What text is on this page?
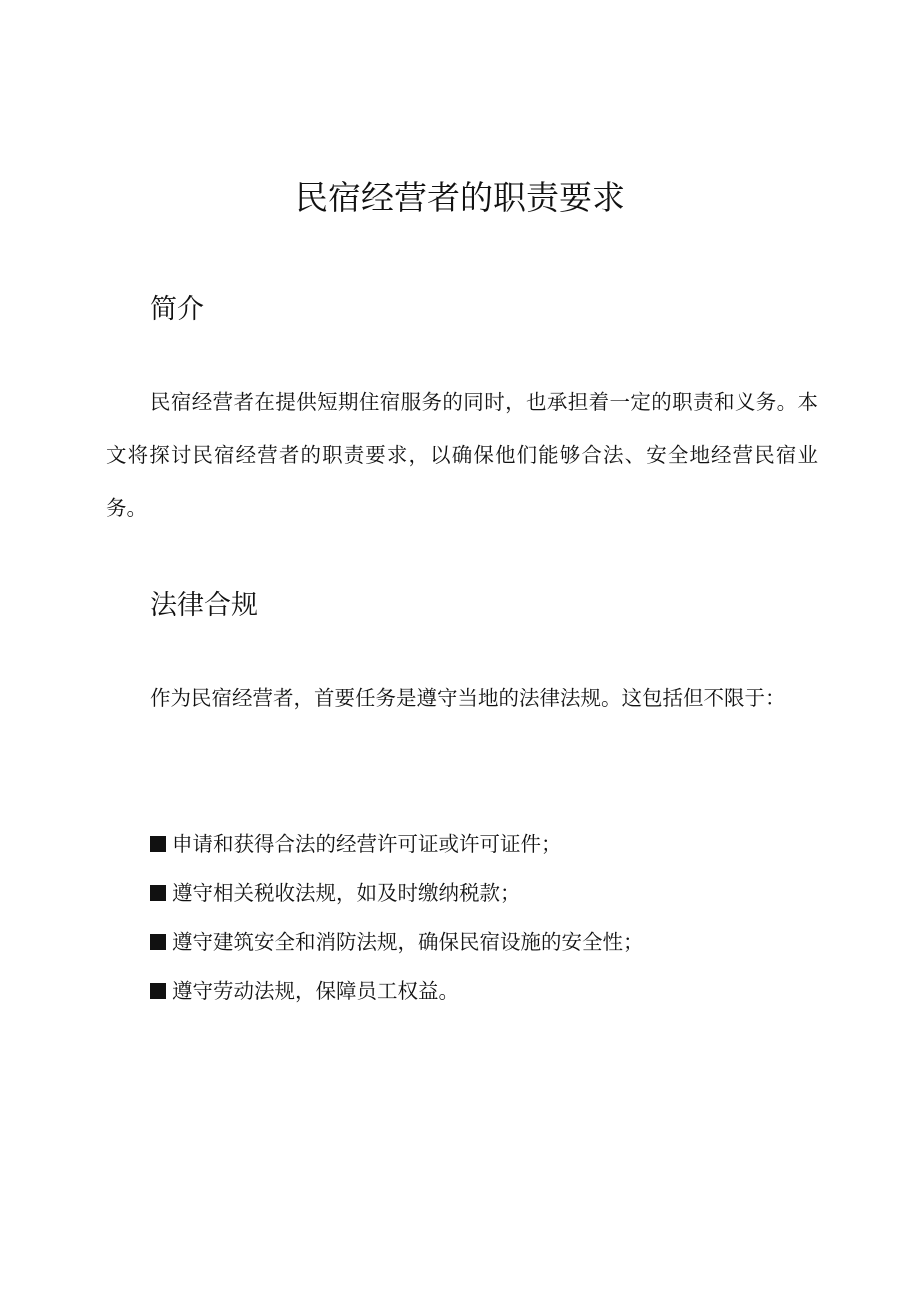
民宿经营者的职责要求
简介

民宿经营者在提供短期住宿服务的同时，也承担着一定的职责和义务。本文将探讨民宿经营者的职责要求，以确保他们能够合法、安全地经营民宿业务。

法律合规

作为民宿经营者，首要任务是遵守当地的法律法规。这包括但不限于：

申请和获得合法的经营许可证或许可证件；
遵守相关税收法规，如及时缴纳税款；
遵守建筑安全和消防法规，确保民宿设施的安全性；
遵守劳动法规，保障员工权益。
